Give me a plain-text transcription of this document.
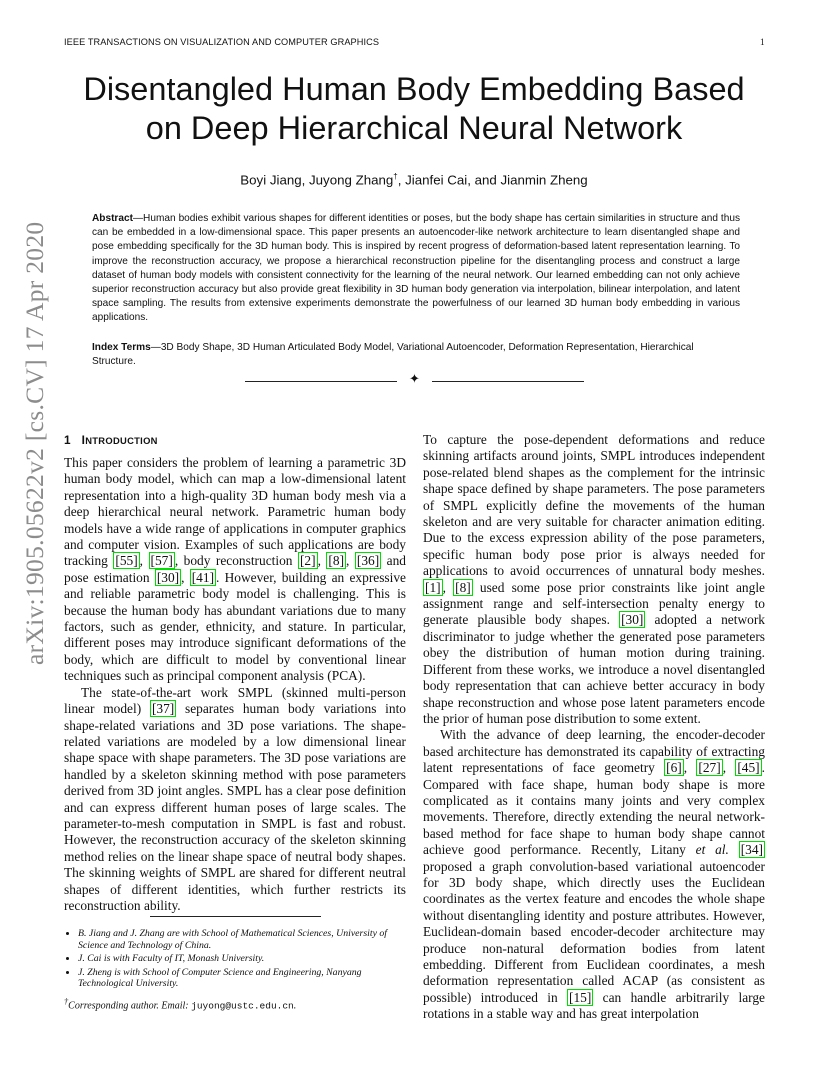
IEEE TRANSACTIONS ON VISUALIZATION AND COMPUTER GRAPHICS	1
Disentangled Human Body Embedding Based
on Deep Hierarchical Neural Network
Boyi Jiang, Juyong Zhang†, Jianfei Cai, and Jianmin Zheng
Abstract—Human bodies exhibit various shapes for different identities or poses, but the body shape has certain similarities in structure and thus can be embedded in a low-dimensional space. This paper presents an autoencoder-like network architecture to learn disentangled shape and pose embedding specifically for the 3D human body. This is inspired by recent progress of deformation-based latent representation learning. To improve the reconstruction accuracy, we propose a hierarchical reconstruction pipeline for the disentangling process and construct a large dataset of human body models with consistent connectivity for the learning of the neural network. Our learned embedding can not only achieve superior reconstruction accuracy but also provide great flexibility in 3D human body generation via interpolation, bilinear interpolation, and latent space sampling. The results from extensive experiments demonstrate the powerfulness of our learned 3D human body embedding in various applications.
Index Terms—3D Body Shape, 3D Human Articulated Body Model, Variational Autoencoder, Deformation Representation, Hierarchical Structure.
✦
arXiv:1905.05622v2 [cs.CV] 17 Apr 2020 1 INTRODUCTION

This paper considers the problem of learning a parametric 3D human body model, which can map a low-dimensional latent representation into a high-quality 3D human body mesh via a deep hierarchical neural network. Parametric human body models have a wide range of applications in computer graphics and computer vision. Examples of such applications are body tracking [55] , [57] , body reconstruction [2] , [8] , [36] and pose estimation [30] , [41] . However, building an expressive and reliable parametric body model is challenging. This is because the human body has abundant variations due to many factors, such as gender, ethnicity, and stature. In particular, different poses may introduce significant deformations of the body, which are difficult to model by conventional linear techniques such as principal component analysis (PCA).

The state-of-the-art work SMPL (skinned multi-person linear model) [37] separates human body variations into shape-related variations and 3D pose variations. The shape-related variations are modeled by a low dimensional linear shape space with shape parameters. The 3D pose variations are handled by a skeleton skinning method with pose parameters derived from 3D joint angles. SMPL has a clear pose definition and can express different human poses of large scales. The parameter-to-mesh computation in SMPL is fast and robust. However, the reconstruction accuracy of the skeleton skinning method relies on the linear shape space of neutral body shapes. The skinning weights of SMPL are shared for different neutral shapes of different identities, which further restricts its reconstruction ability.

• B. Jiang and J. Zhang are with School of Mathematical Sciences, University of Science and Technology of China.
• J. Cai is with Faculty of IT, Monash University.
• J. Zheng is with School of Computer Science and Engineering, Nanyang Technological University.
†Corresponding author. Email: juyong@ustc.edu.cn.

To capture the pose-dependent deformations and reduce skinning artifacts around joints, SMPL introduces independent pose-related blend shapes as the complement for the intrinsic shape space defined by shape parameters. The pose parameters of SMPL explicitly define the movements of the human skeleton and are very suitable for character animation editing. Due to the excess expression ability of the pose parameters, specific human body pose prior is always needed for applications to avoid occurrences of unnatural body meshes. [1] , [8] used some pose prior constraints like joint angle assignment range and self-intersection penalty energy to generate plausible body shapes. [30] adopted a network discriminator to judge whether the generated pose parameters obey the distribution of human motion during training. Different from these works, we introduce a novel disentangled body representation that can achieve better accuracy in body shape reconstruction and whose pose latent parameters encode the prior of human pose distribution to some extent.

With the advance of deep learning, the encoder-decoder based architecture has demonstrated its capability of extracting latent representations of face geometry [6] , [27] , [45] . Compared with face shape, human body shape is more complicated as it contains many joints and very complex movements. Therefore, directly extending the neural network-based method for face shape to human body shape cannot achieve good performance. Recently, Litany et al. [34] proposed a graph convolution-based variational autoencoder for 3D body shape, which directly uses the Euclidean coordinates as the vertex feature and encodes the whole shape without disentangling identity and posture attributes. However, Euclidean-domain based encoder-decoder architecture may produce non-natural deformation bodies from latent embedding. Different from Euclidean coordinates, a mesh deformation representation called ACAP (as consistent as possible) introduced in [15] can handle arbitrarily large rotations in a stable way and has great interpolation
